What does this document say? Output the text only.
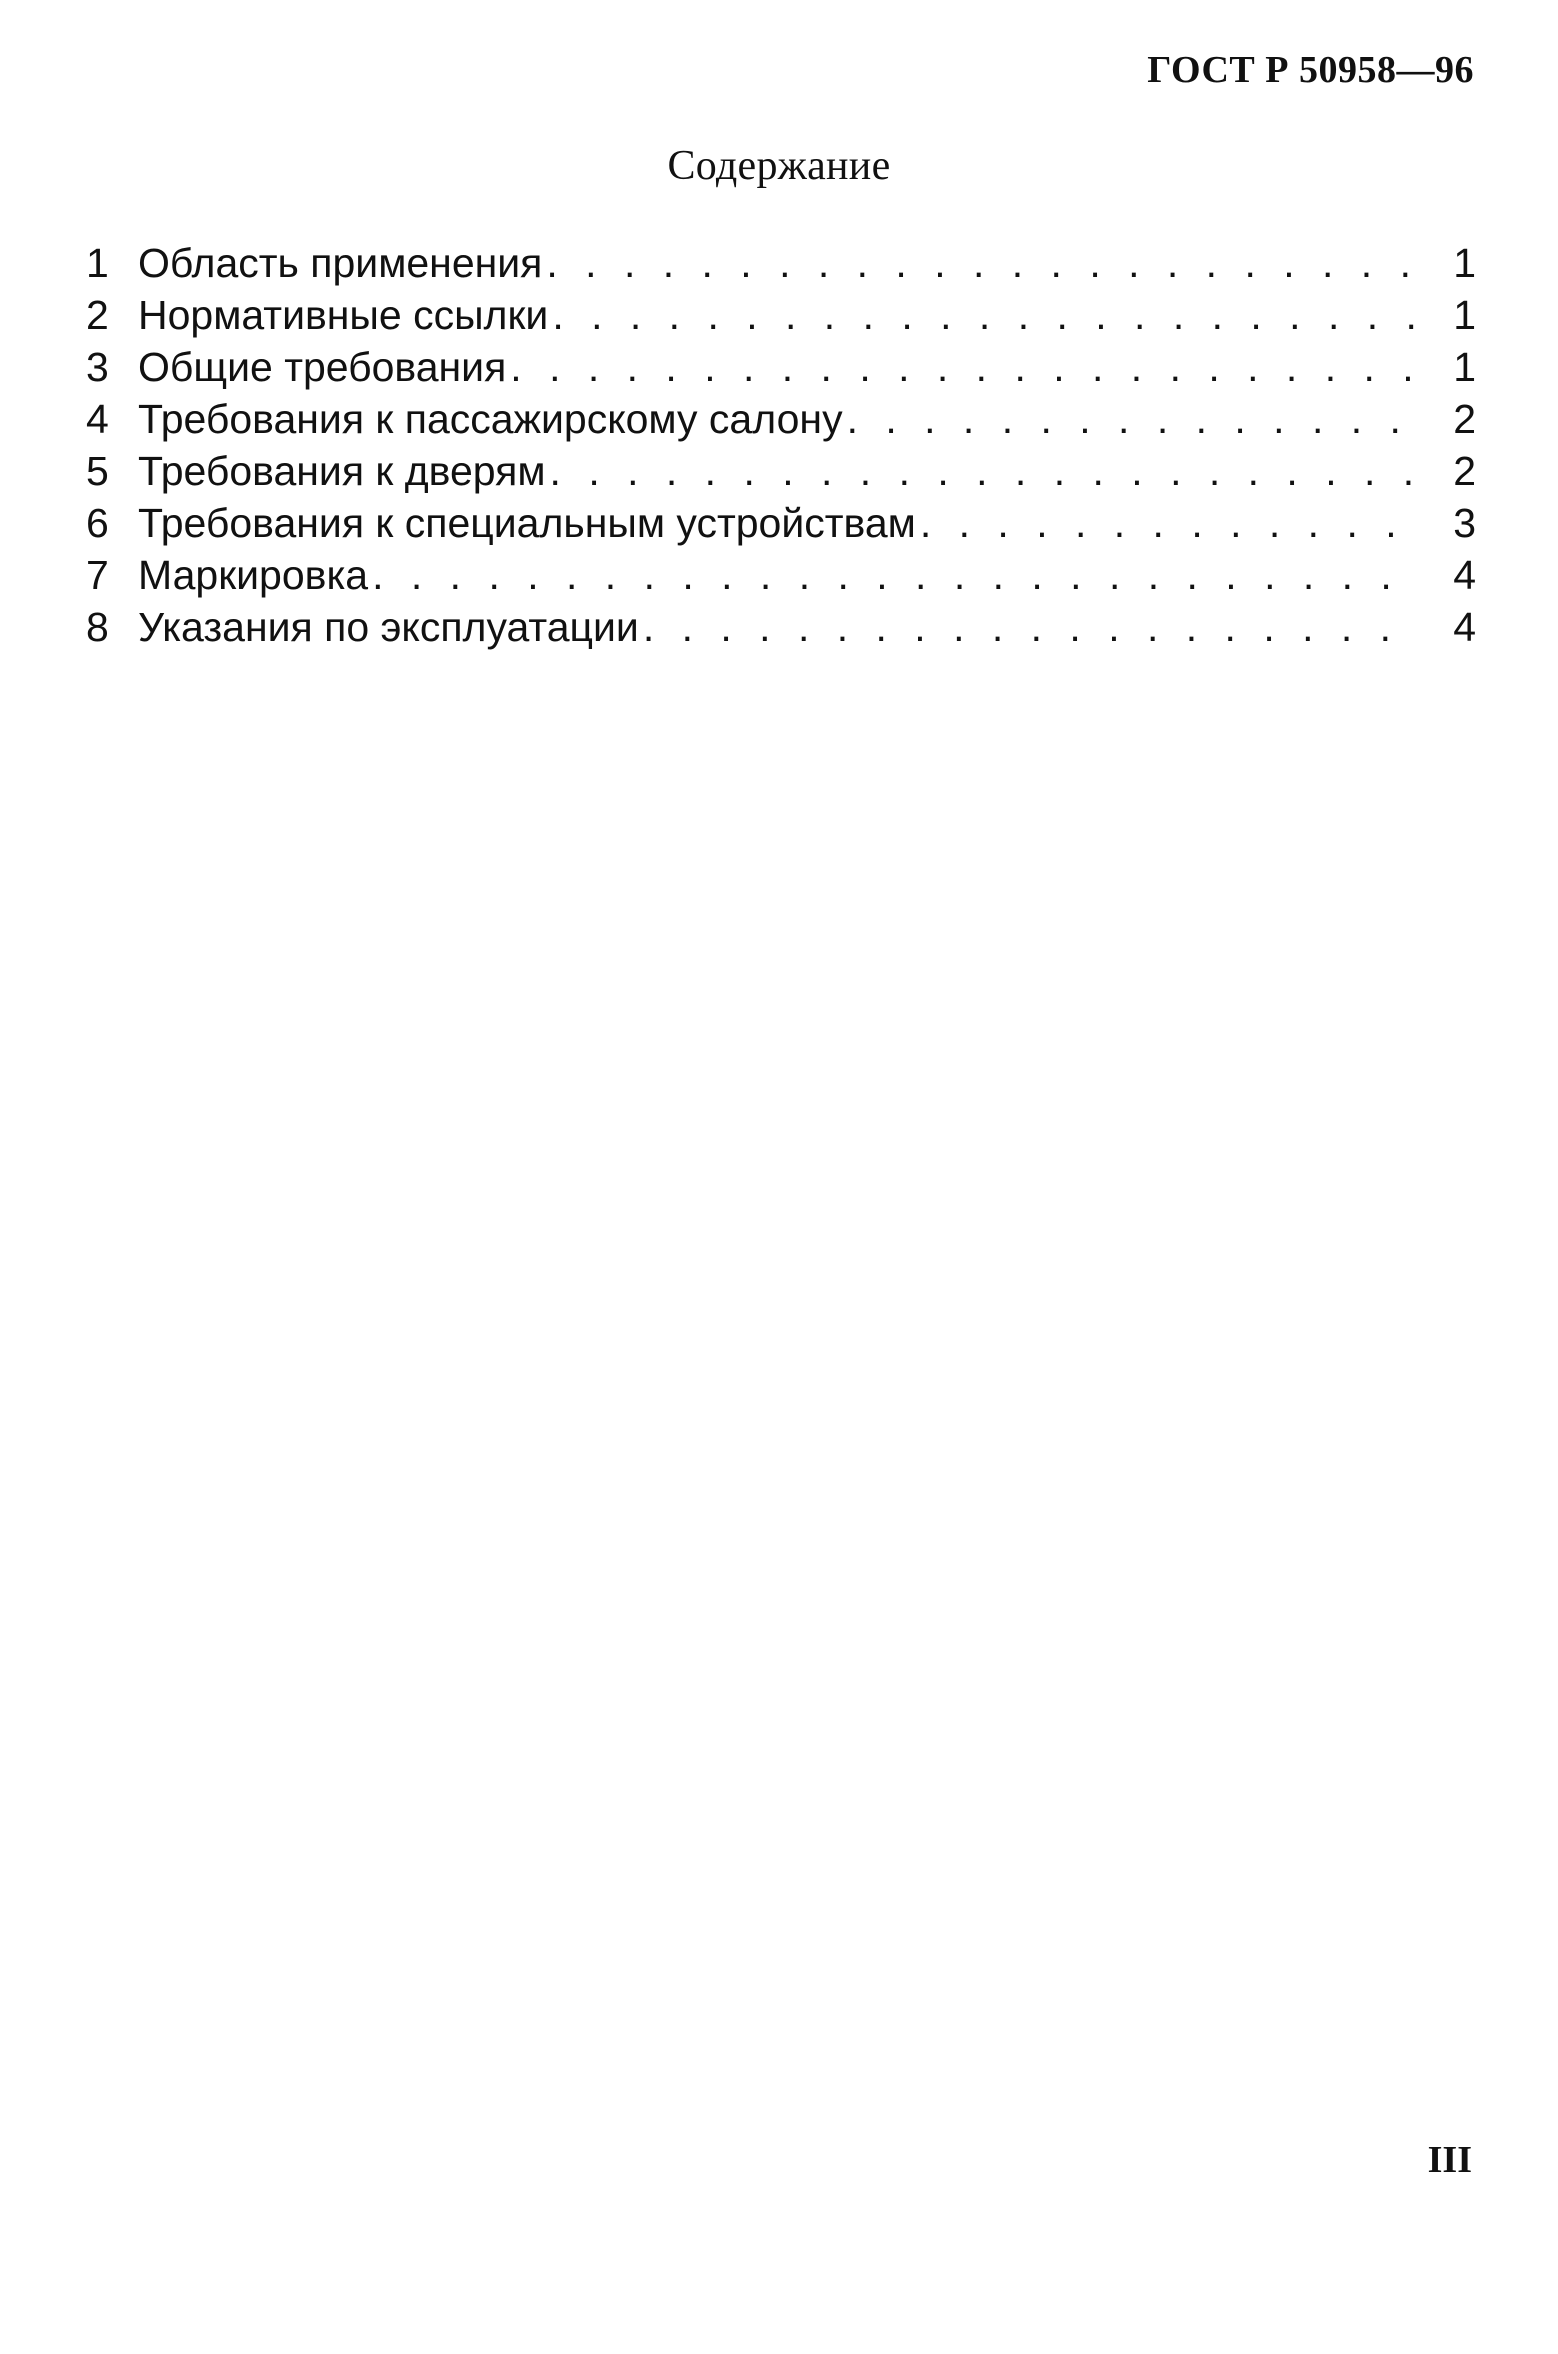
ГОСТ Р 50958—96
Содержание
1 Область применения . . .	1
2 Нормативные ссылки . . .	1
3 Общие требования . . .	1
4 Требования к пассажирскому салону . . .	2
5 Требования к дверям . . .	2
6 Требования к специальным устройствам . . .	3
7 Маркировка . . .	4
8 Указания по эксплуатации . . .	4
III
